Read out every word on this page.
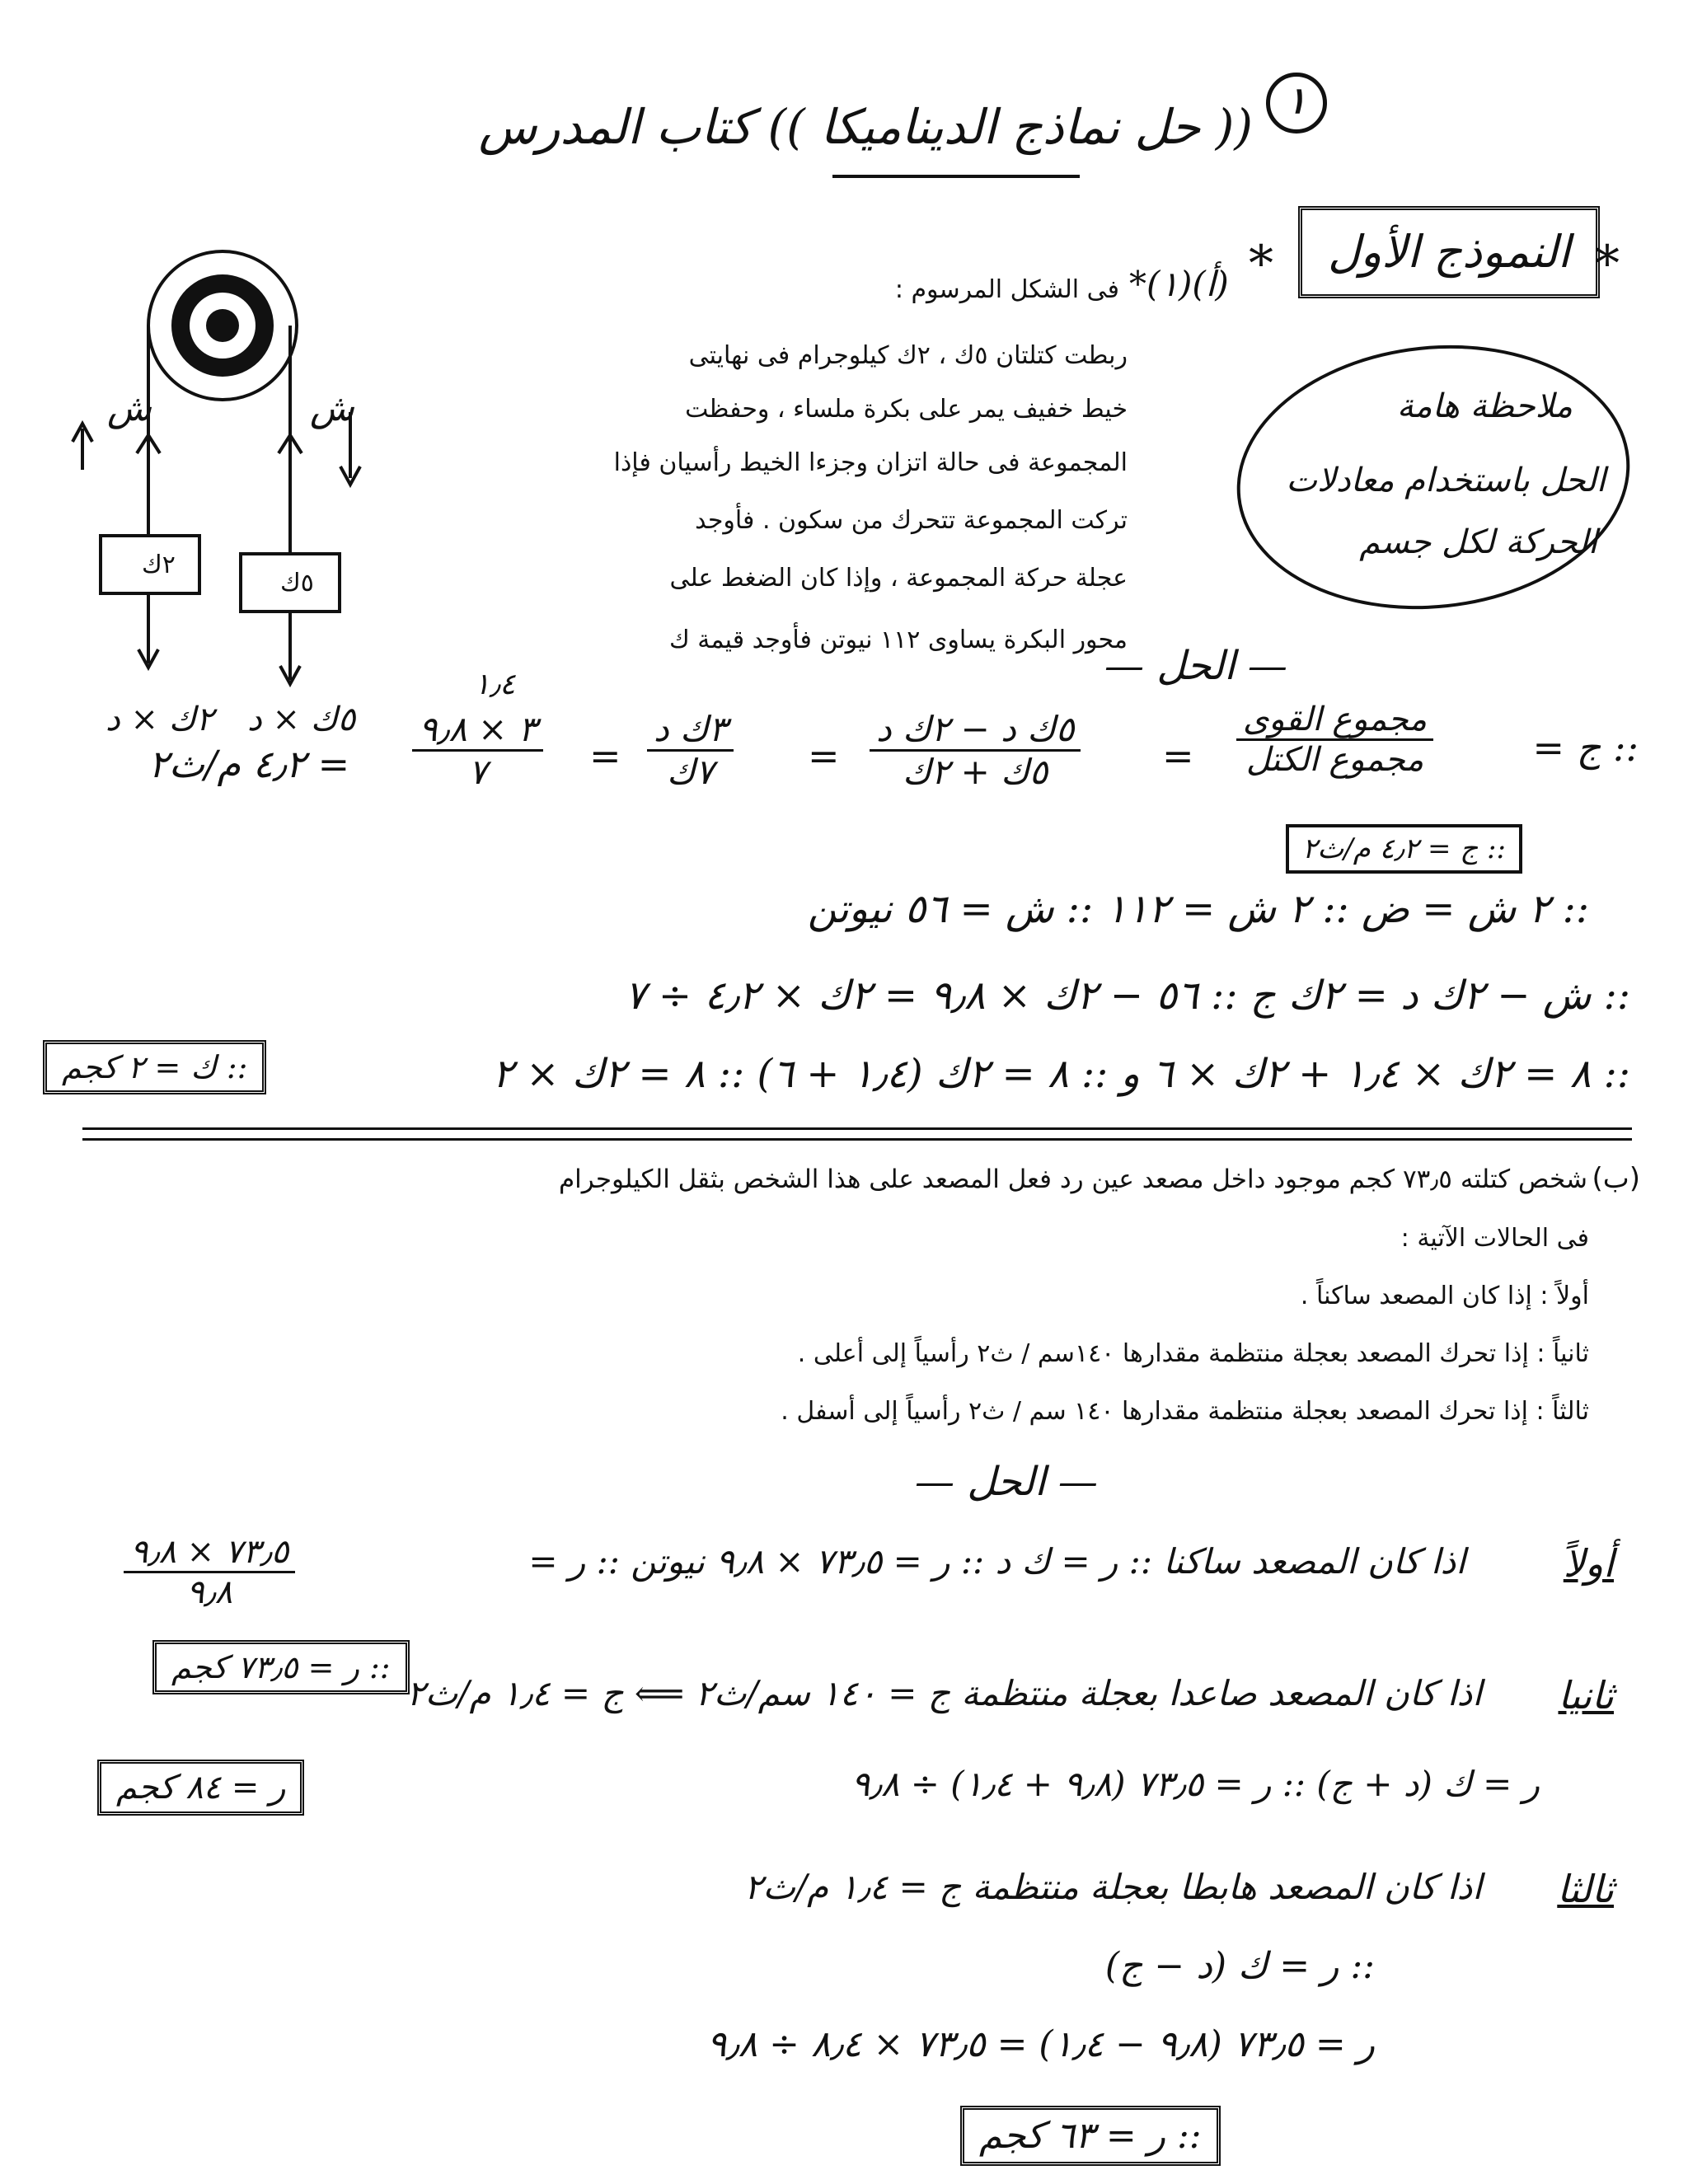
١
(( حل نماذج الديناميكا )) كتاب المدرس
*
النموذج الأول
*
ش	ش
٢ك
٥ك
٢ك × د ٥ك × د
*(١)(أ)
فى الشكل المرسوم :
ربطت كتلتان ٥ك ، ٢ك كيلوجرام فى نهايتى
خيط خفيف يمر على بكرة ملساء ، وحفظت
المجموعة فى حالة اتزان وجزءا الخيط رأسيان فإذا
تركت المجموعة تتحرك من سكون . فأوجد
عجلة حركة المجموعة ، وإذا كان الضغط على
محور البكرة يساوى ١١٢ نيوتن فأوجد قيمة ك
ملاحظة هامة
الحل باستخدام معادلات
الحركة لكل جسم
— الحل —
:: ج =
$\frac{\text{مجموع القوى}}{\text{مجموع الكتل}}$
=
$\frac{\text{٥ك د − ٢ك د}}{\text{٥ك + ٢ك}}$
=
$\frac{\text{٣ك د}}{\text{٧ك}}$
=
١٫٤
$\frac{٣ \times ٩٫٨}{٧}$
= ٤٫٢ م/ث٢
:: ج = ٤٫٢ م/ث٢
:: ٢ ش = ض :: ٢ ش = ١١٢ :: ش = ٥٦ نيوتن
:: ش − ٢ك د = ٢ك ج :: ٥٦ − ٢ك × ٩٫٨ = ٢ك × ٤٫٢ ÷ ٧
:: ٨ = ٢ك × ١٫٤ + ٢ك × ٦ و :: ٨ = ٢ك (١٫٤ + ٦) :: ٨ = ٢ك × ٢
:: ك = ٢ كجم
(ب)
شخص كتلته ٧٣٫٥ كجم موجود داخل مصعد عين رد فعل المصعد على هذا الشخص بثقل الكيلوجرام
فى الحالات الآتية :
أولاً : إذا كان المصعد ساكناً .
ثانياً : إذا تحرك المصعد بعجلة منتظمة مقدارها ١٤٠سم / ث٢ رأسياً إلى أعلى .
ثالثاً : إذا تحرك المصعد بعجلة منتظمة مقدارها ١٤٠ سم / ث٢ رأسياً إلى أسفل .
— الحل —
أولاً
اذا كان المصعد ساكنا :: ر = ك د :: ر = ٧٣٫٥ × ٩٫٨ نيوتن :: ر =
$\frac{٧٣٫٥ \times ٩٫٨}{٩٫٨}$
:: ر = ٧٣٫٥ كجم
ثانيا
اذا كان المصعد صاعدا بعجلة منتظمة ج = ١٤٠ سم/ث٢ ⟸ ج = ١٫٤ م/ث٢
ر = ك (د + ج) :: ر = ٧٣٫٥ (٩٫٨ + ١٫٤) ÷ ٩٫٨
ر = ٨٤ كجم
ثالثا
اذا كان المصعد هابطا بعجلة منتظمة ج = ١٫٤ م/ث٢
:: ر = ك (د − ج)
ر = ٧٣٫٥ (٩٫٨ − ١٫٤) = ٧٣٫٥ × ٨٫٤ ÷ ٩٫٨
:: ر = ٦٣ كجم
